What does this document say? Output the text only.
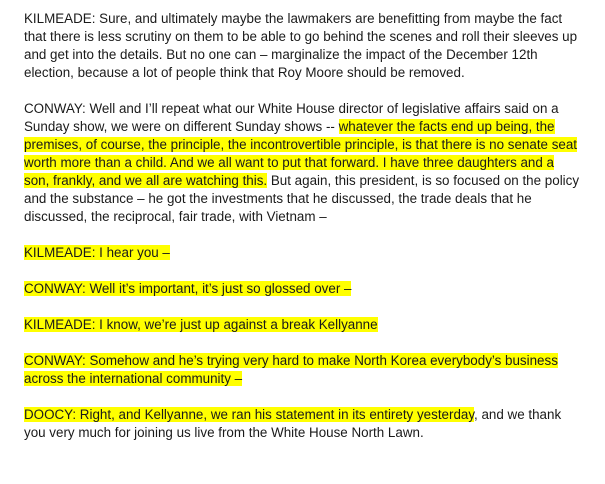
KILMEADE: Sure, and ultimately maybe the lawmakers are benefitting from maybe the fact that there is less scrutiny on them to be able to go behind the scenes and roll their sleeves up and get into the details. But no one can – marginalize the impact of the December 12th election, because a lot of people think that Roy Moore should be removed.

CONWAY: Well and I’ll repeat what our White House director of legislative affairs said on a Sunday show, we were on different Sunday shows -- whatever the facts end up being, the premises, of course, the principle, the incontrovertible principle, is that there is no senate seat worth more than a child. And we all want to put that forward. I have three daughters and a son, frankly, and we all are watching this. But again, this president, is so focused on the policy and the substance – he got the investments that he discussed, the trade deals that he discussed, the reciprocal, fair trade, with Vietnam –

KILMEADE: I hear you –

CONWAY: Well it’s important, it’s just so glossed over –

KILMEADE: I know, we’re just up against a break Kellyanne

CONWAY: Somehow and he’s trying very hard to make North Korea everybody’s business across the international community –

DOOCY: Right, and Kellyanne, we ran his statement in its entirety yesterday, and we thank you very much for joining us live from the White House North Lawn.
